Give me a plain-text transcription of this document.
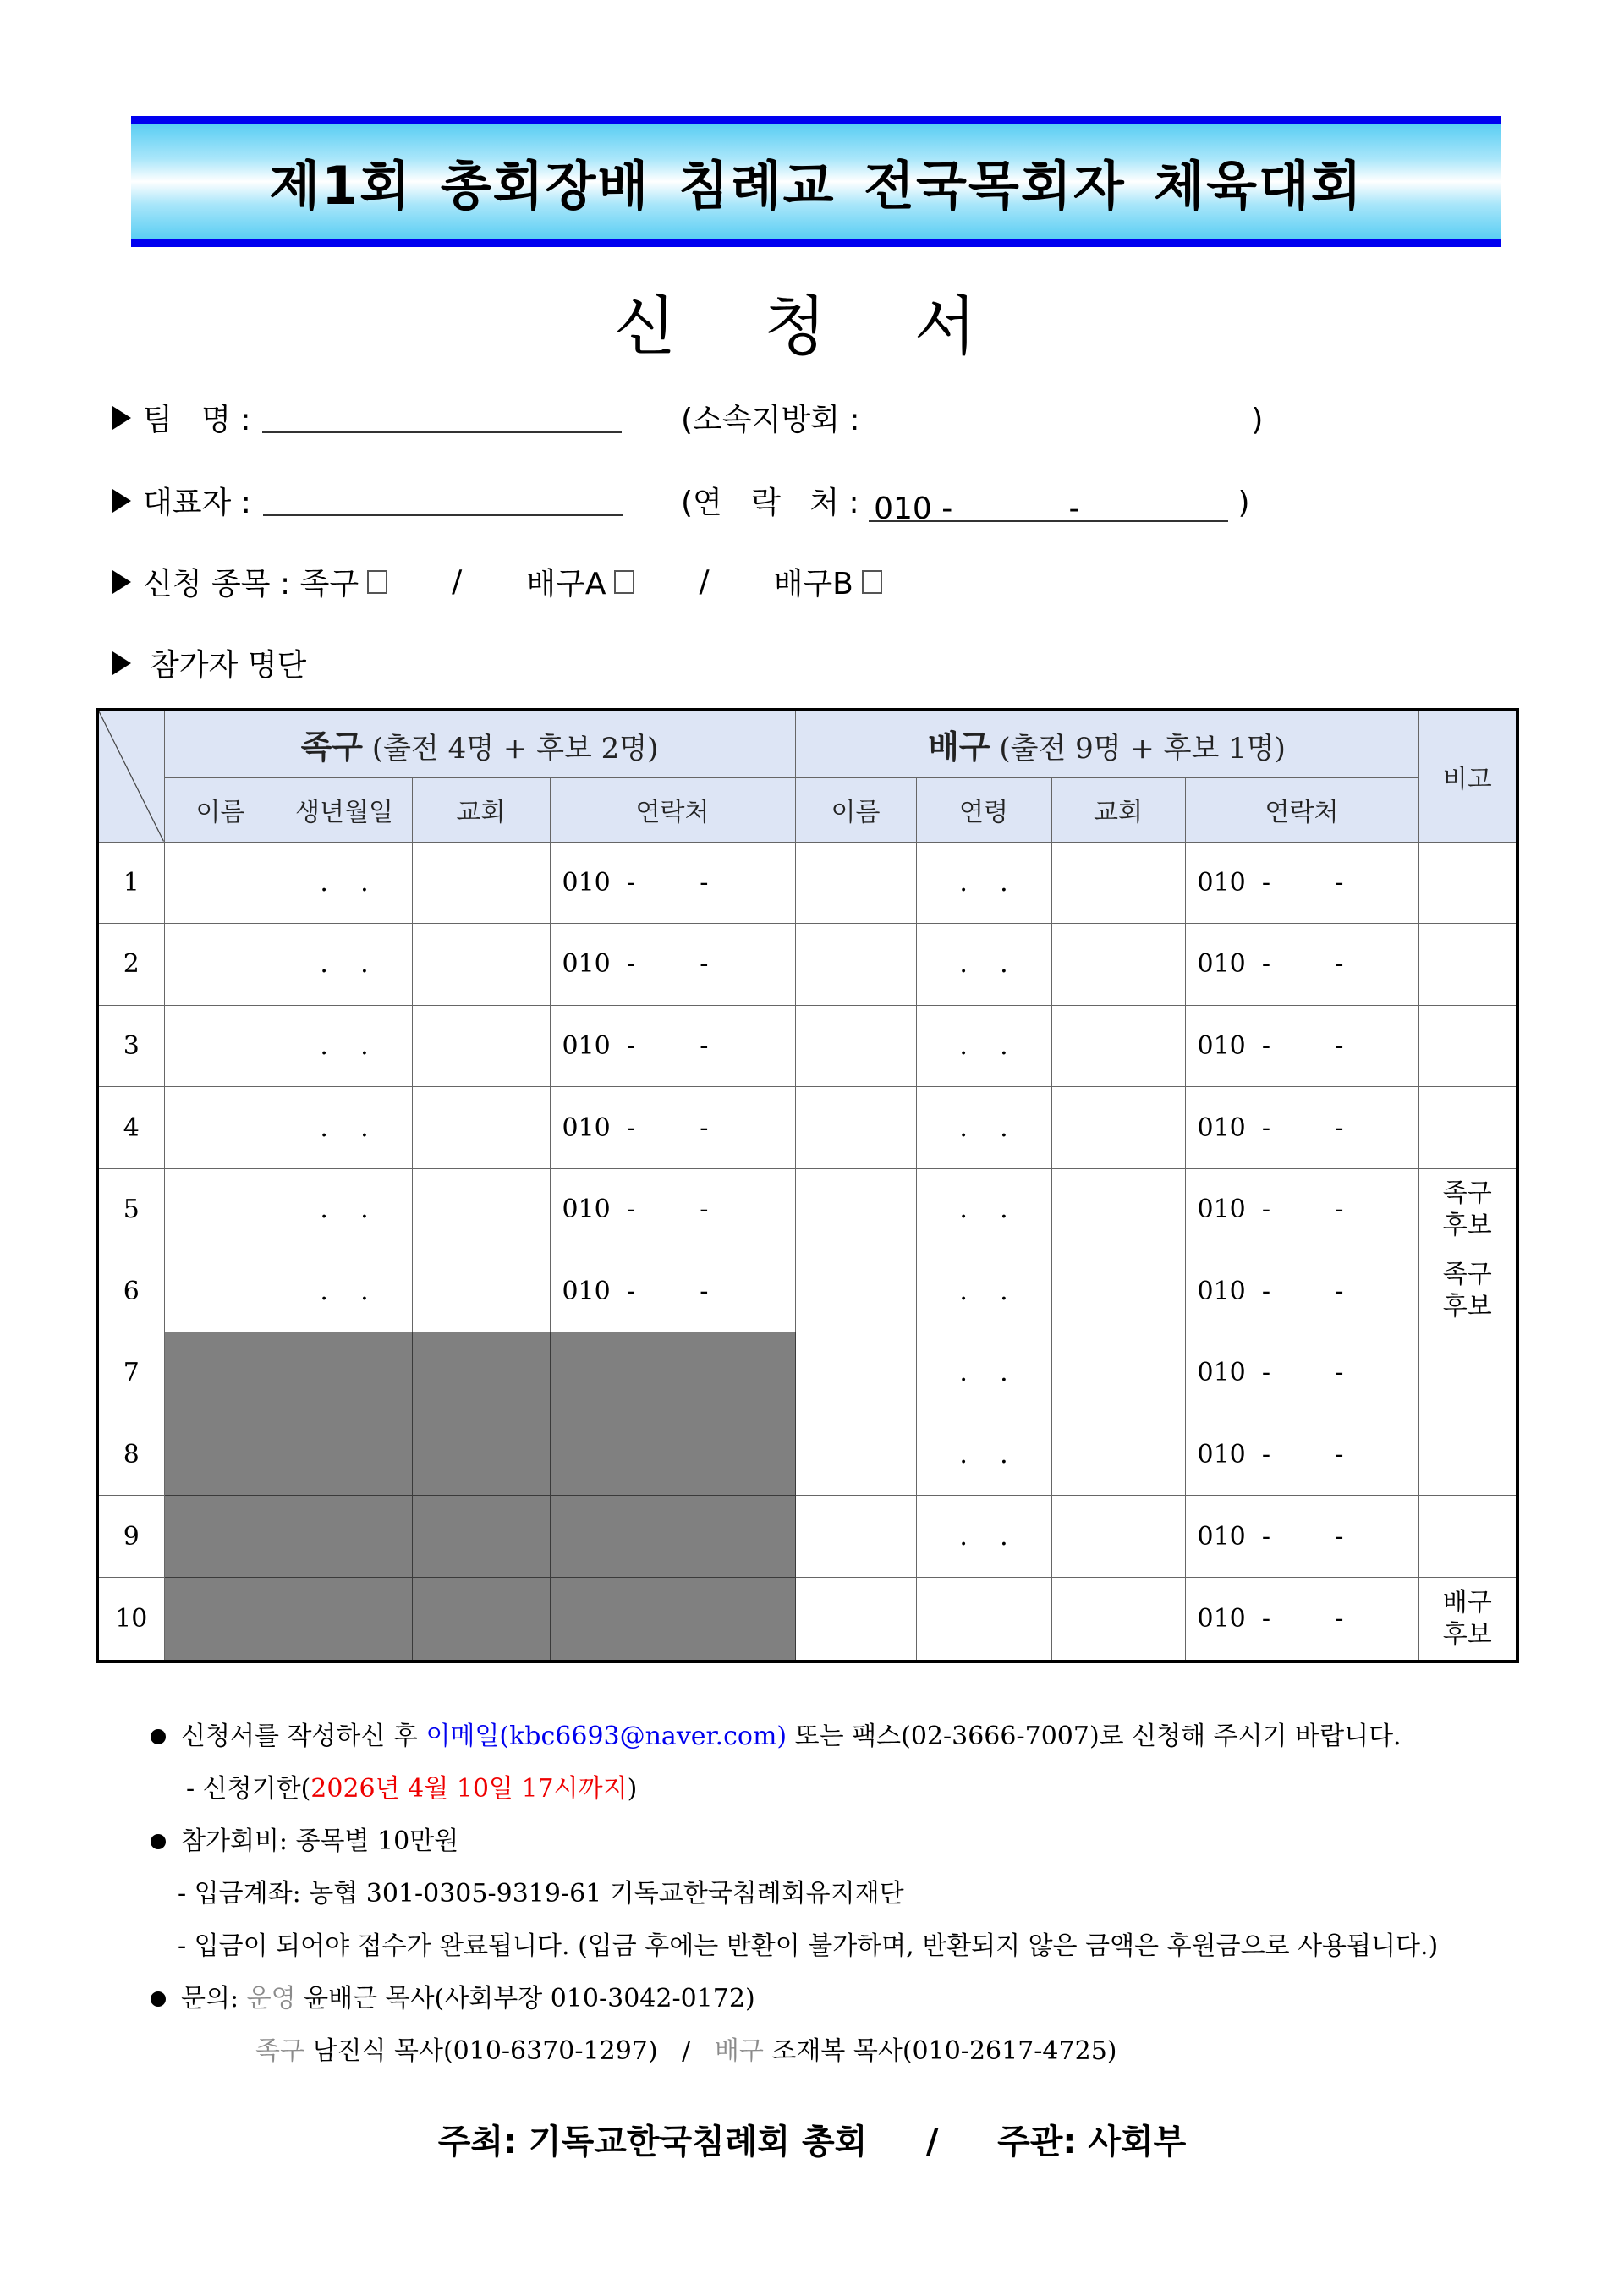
제1회 총회장배 침례교 전국목회자 체육대회
신 청 서
팀   명 :	(소속지방회 :	)
대표자 :	(연   락   처 : 010 -            -	)
신청 종목 : 족구	/ 배구A	/ 배구B
참가자 명단
	족구 (출전 4명 + 후보 2명)				배구 (출전 9명 + 후보 1명)				비고
	이름	생년월일	교회	연락처	이름	연령	교회	연락처	
1		.    .		010  -        -		.    .		010  -        -	
2		.    .		010  -        -		.    .		010  -        -	
3		.    .		010  -        -		.    .		010  -        -	
4		.    .		010  -        -		.    .		010  -        -	
5		.    .		010  -        -		.    .		010  -        -	족구
후보
6		.    .		010  -        -		.    .		010  -        -	족구
후보
7						.    .		010  -        -	
8						.    .		010  -        -	
9						.    .		010  -        -	
10								010  -        -	배구
후보
신청서를 작성하신 후 이메일(kbc6693@naver.com) 또는 팩스(02-3666-7007)로 신청해 주시기 바랍니다.
- 신청기한( 2026년 4월 10일 17시까지 )
참가회비: 종목별 10만원
- 입금계좌: 농협 301-0305-9319-61 기독교한국침례회유지재단
- 입금이 되어야 접수가 완료됩니다. (입금 후에는 반환이 불가하며, 반환되지 않은 금액은 후원금으로 사용됩니다.)
문의: 운영 윤배근 목사(사회부장 010-3042-0172)
족구 남진식 목사(010-6370-1297)   / 배구 조재복 목사(010-2617-4725)
주최: 기독교한국침례회 총회     /     주관: 사회부
